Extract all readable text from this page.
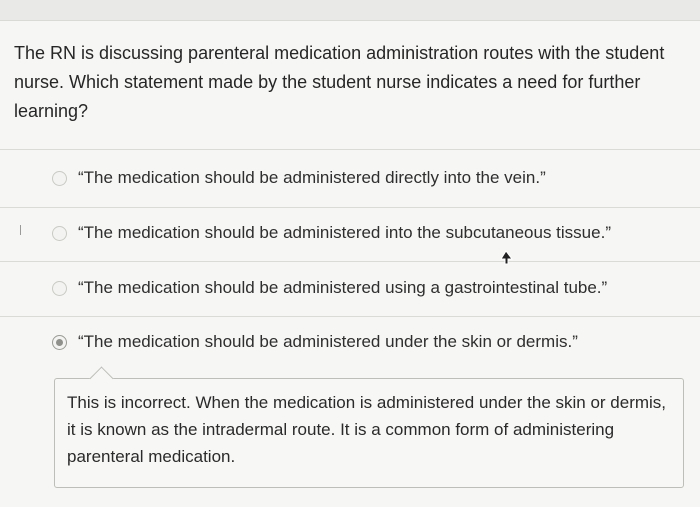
The RN is discussing parenteral medication administration routes with the student nurse. Which statement made by the student nurse indicates a need for further learning?
“The medication should be administered directly into the vein.”
“The medication should be administered into the subcutaneous tissue.”
“The medication should be administered using a gastrointestinal tube.”
“The medication should be administered under the skin or dermis.”
This is incorrect. When the medication is administered under the skin or dermis, it is known as the intradermal route. It is a common form of administering parenteral medication.
